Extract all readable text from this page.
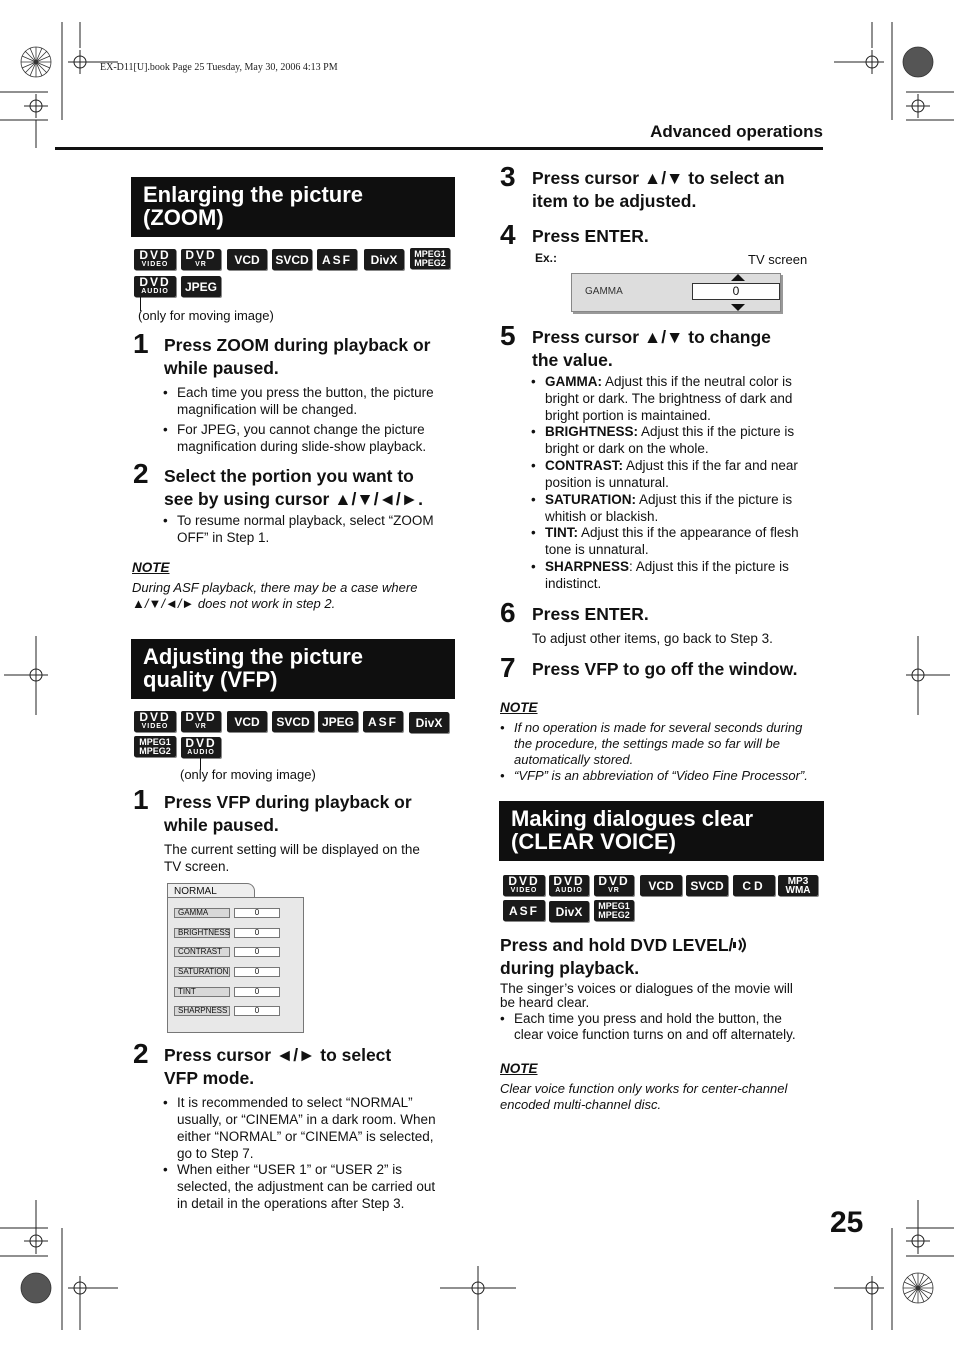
EX-D11[U].book Page 25 Tuesday, May 30, 2006 4:13 PM
Advanced operations
Enlarging the picture
(ZOOM)
DVD
VIDEO
DVD
VR	VCD	SVCD	ASF	DivX	MPEG1
MPEG2
DVD
AUDIO	JPEG
(only for moving image)
1 Press ZOOM during playback or
while paused.
• Each time you press the button, the picture
magnification will be changed.
• For JPEG, you cannot change the picture
magnification during slide-show playback.
2 Select the portion you want to
see by using cursor ▲/▼/◄/►.
• To resume normal playback, select “ZOOM
OFF” in Step 1.
NOTE
During ASF playback, there may be a case where
▲/▼/◄/► does not work in step 2.
Adjusting the picture
quality (VFP)
DVD
VIDEO
DVD
VR	VCD	SVCD	JPEG	ASF	DivX
MPEG1
MPEG2
DVD
AUDIO
(only for moving image)
1 Press VFP during playback or
while paused.
The current setting will be displayed on the
TV screen.
NORMAL
GAMMA	0
BRIGHTNESS	0
CONTRAST	0
SATURATION	0
TINT	0
SHARPNESS	0
2 Press cursor ◄/► to select
VFP mode.
• It is recommended to select “NORMAL”
usually, or “CINEMA” in a dark room. When
either “NORMAL” or “CINEMA” is selected,
go to Step 7.
• When either “USER 1” or “USER 2” is
selected, the adjustment can be carried out
in detail in the operations after Step 3.
3 Press cursor ▲/▼ to select an
item to be adjusted.
4 Press ENTER.
Ex.:	TV screen
GAMMA	0
5 Press cursor ▲/▼ to change
the value.
• GAMMA: Adjust this if the neutral color is
bright or dark. The brightness of dark and
bright portion is maintained.
• BRIGHTNESS: Adjust this if the picture is
bright or dark on the whole.
• CONTRAST: Adjust this if the far and near
position is unnatural.
• SATURATION: Adjust this if the picture is
whitish or blackish.
• TINT: Adjust this if the appearance of flesh
tone is unnatural.
• SHARPNESS: Adjust this if the picture is
indistinct.
6 Press ENTER.
To adjust other items, go back to Step 3.
7 Press VFP to go off the window.
NOTE
• If no operation is made for several seconds during
the procedure, the settings made so far will be
automatically stored.
• “VFP” is an abbreviation of “Video Fine Processor”.
Making dialogues clear
(CLEAR VOICE)
DVD
VIDEO
DVD
AUDIO
DVD
VR	VCD	SVCD	CD	MP3
WMA
ASF	DivX	MPEG1
MPEG2
Press and hold DVD LEVEL/
during playback.
The singer’s voices or dialogues of the movie will
be heard clear.
• Each time you press and hold the button, the
clear voice function turns on and off alternately.
NOTE
Clear voice function only works for center-channel
encoded multi-channel disc.
25
